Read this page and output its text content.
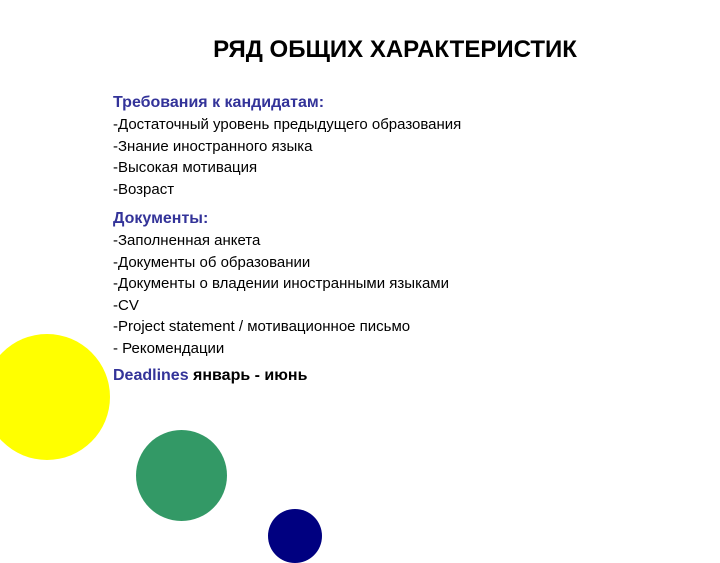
РЯД ОБЩИХ ХАРАКТЕРИСТИК
Требования к кандидатам:
-Достаточный уровень предыдущего образования
-Знание иностранного языка
-Высокая мотивация
-Возраст
Документы:
-Заполненная анкета
-Документы об образовании
-Документы о владении иностранными языками
-CV
-Project statement / мотивационное письмо
- Рекомендации
Deadlines январь - июнь
